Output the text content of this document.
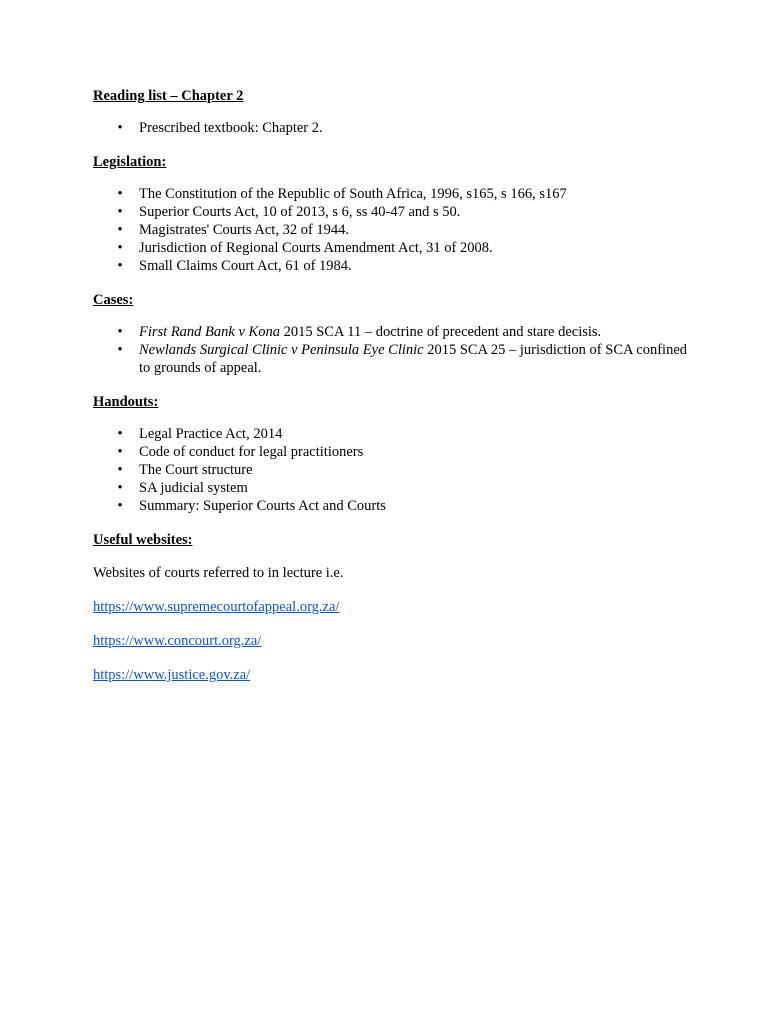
Reading list – Chapter 2
• Prescribed textbook: Chapter 2.
Legislation:
• The Constitution of the Republic of South Africa, 1996, s165, s 166, s167
• Superior Courts Act, 10 of 2013, s 6, ss 40-47 and s 50.
• Magistrates' Courts Act, 32 of 1944.
• Jurisdiction of Regional Courts Amendment Act, 31 of 2008.
• Small Claims Court Act, 61 of 1984.
Cases:
• First Rand Bank v Kona 2015 SCA 11 – doctrine of precedent and stare decisis.
• Newlands Surgical Clinic v Peninsula Eye Clinic 2015 SCA 25 – jurisdiction of SCA confined to grounds of appeal.
Handouts:
• Legal Practice Act, 2014
• Code of conduct for legal practitioners
• The Court structure
• SA judicial system
• Summary: Superior Courts Act and Courts
Useful websites:

Websites of courts referred to in lecture i.e.

https://www.supremecourtofappeal.org.za/

https://www.concourt.org.za/

https://www.justice.gov.za/
